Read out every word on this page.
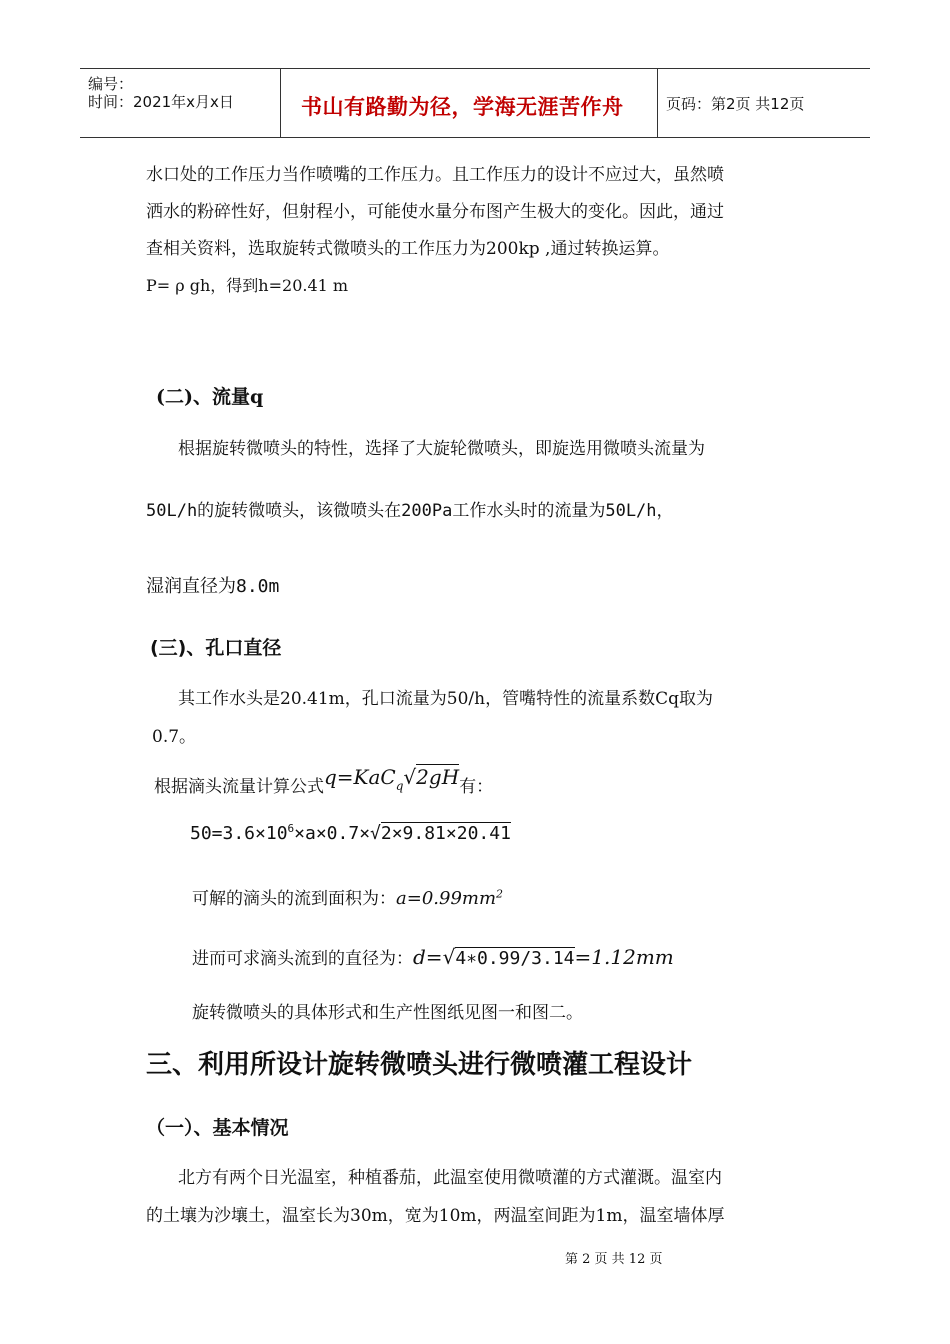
编号：
时间：2021年x月x日	书山有路勤为径，学海无涯苦作舟	页码：第2页 共12页
水口处的工作压力当作喷嘴的工作压力。且工作压力的设计不应过大，虽然喷
洒水的粉碎性好，但射程小，可能使水量分布图产生极大的变化。因此，通过
查相关资料，选取旋转式微喷头的工作压力为200kp ,通过转换运算。
P= ρ gh，得到h=20.41 m
(二)、流量q
根据旋转微喷头的特性，选择了大旋轮微喷头，即旋选用微喷头流量为
50L/h的旋转微喷头，该微喷头在200Pa工作水头时的流量为50L/h，
湿润直径为8.0m
(三)、孔口直径
其工作水头是20.41m，孔口流量为50/h，管嘴特性的流量系数Cq取为
0.7。
根据滴头流量计算公式q=KaC$_q$√2gH有：
$50=3.6\times 10^6\times a\times 0.7\times√2\times 9.81\times 20.41$
可解的滴头的流到面积为：$a=0.99mm^2$
进而可求滴头流到的直径为：d=√4∗0.99/3.14=1.12mm
旋转微喷头的具体形式和生产性图纸见图一和图二。
三、利用所设计旋转微喷头进行微喷灌工程设计
（一）、基本情况
北方有两个日光温室，种植番茄，此温室使用微喷灌的方式灌溉。温室内
的土壤为沙壤土，温室长为30m，宽为10m，两温室间距为1m，温室墙体厚
第 2 页 共 12 页
